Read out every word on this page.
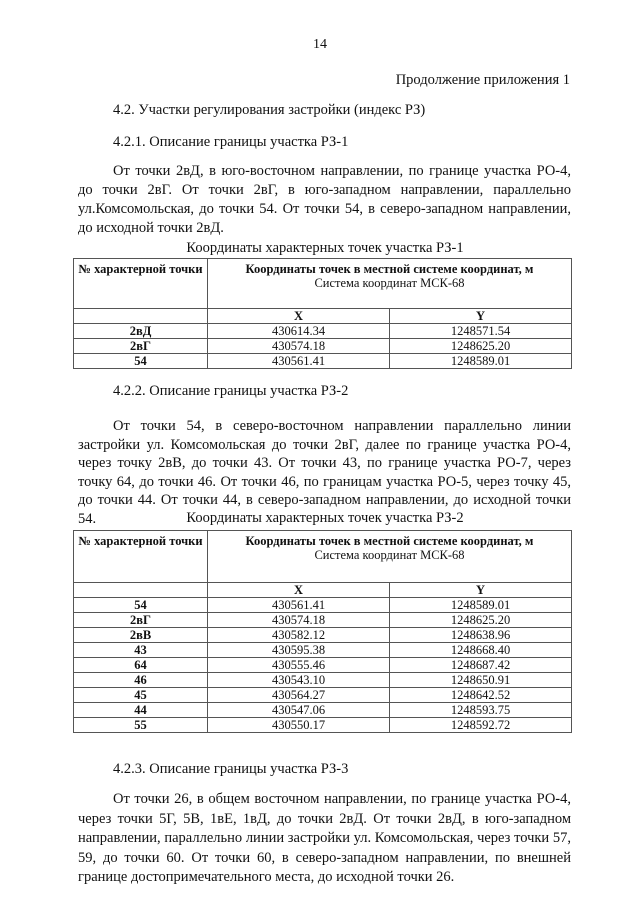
14
Продолжение приложения 1
4.2. Участки регулирования застройки (индекс РЗ)
4.2.1. Описание границы участка РЗ-1
От точки 2вД, в юго-восточном направлении, по границе участка РО-4, до точки 2вГ. От точки 2вГ, в юго-западном направлении, параллельно ул.Комсомольская, до точки 54. От точки 54, в северо-западном направлении, до исходной точки 2вД.
Координаты характерных точек участка РЗ-1
№ характерной точки	Координаты точек в местной системе координат, м
Система координат МСК-68	
	X	Y
2вД	430614.34	1248571.54
2вГ	430574.18	1248625.20
54	430561.41	1248589.01
4.2.2. Описание границы участка РЗ-2
От точки 54, в северо-восточном направлении параллельно линии застройки ул. Комсомольская до точки 2вГ, далее по границе участка РО-4, через точку 2вВ, до точки 43. От точки 43, по границе участка РО-7, через точку 64, до точки 46. От точки 46, по границам участка РО-5, через точку 45, до точки 44. От точки 44, в северо-западном направлении, до исходной точки 54.	Координаты характерных точек участка РЗ-2
№ характерной точки	Координаты точек в местной системе координат, м
Система координат МСК-68	
	X	Y
54	430561.41	1248589.01
2вГ	430574.18	1248625.20
2вВ	430582.12	1248638.96
43	430595.38	1248668.40
64	430555.46	1248687.42
46	430543.10	1248650.91
45	430564.27	1248642.52
44	430547.06	1248593.75
55	430550.17	1248592.72
4.2.3. Описание границы участка РЗ-3
От точки 26, в общем восточном направлении, по границе участка РО-4, через точки 5Г, 5В, 1вЕ, 1вД, до точки 2вД. От точки 2вД, в юго-западном направлении, параллельно линии застройки ул. Комсомольская, через точки 57, 59, до точки 60. От точки 60, в северо-западном направлении, по внешней границе достопримечательного места, до исходной точки 26.
